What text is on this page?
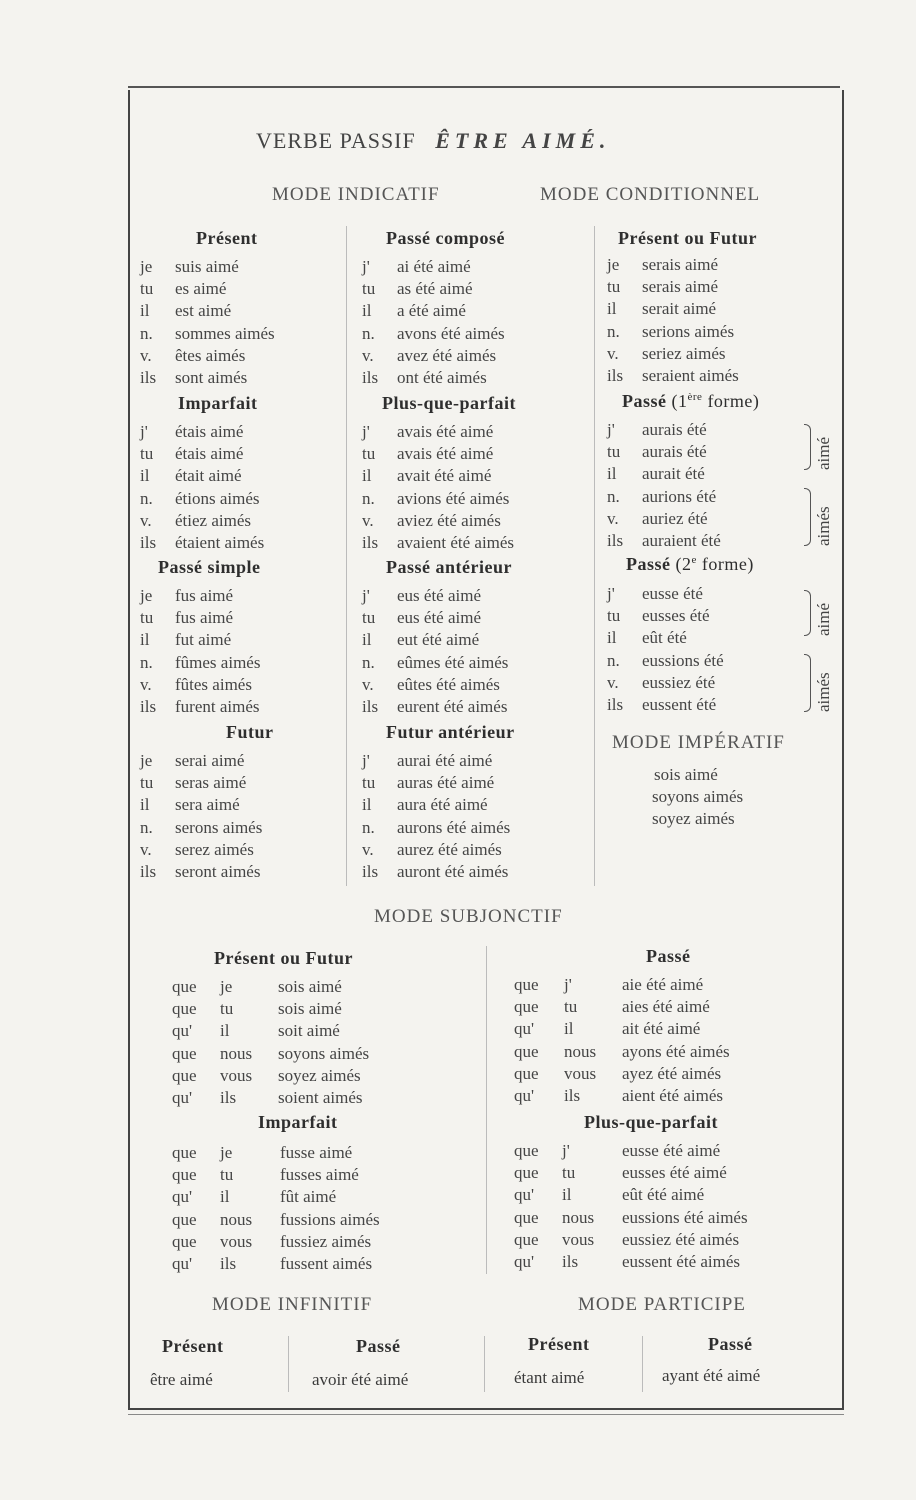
VERBE PASSIF ÊTRE AIMÉ.
MODE INDICATIF	MODE CONDITIONNEL
Présent
Imparfait
Passé simple
Futur
Passé composé
Plus-que-parfait
Passé antérieur
Futur antérieur
Présent ou Futur
Passé (1ère forme)
Passé (2e forme)
aimé
aimés
aimé
aimés
MODE IMPÉRATIF
sois aimé
soyons aimés
soyez aimés
MODE SUBJONCTIF
Présent ou Futur
Imparfait
Passé
Plus-que-parfait
MODE INFINITIF	MODE PARTICIPE
Présent	Passé	Présent	Passé
être aimé	avoir été aimé	étant aimé	ayant été aimé
je suis aimé
tu es aimé
il est aimé
n. sommes aimés
v. êtes aimés
ils sont aimés
j' étais aimé
tu étais aimé
il était aimé
n. étions aimés
v. étiez aimés
ils étaient aimés
je fus aimé
tu fus aimé
il fut aimé
n. fûmes aimés
v. fûtes aimés
ils furent aimés
je serai aimé
tu seras aimé
il sera aimé
n. serons aimés
v. serez aimés
ils seront aimés
j' ai été aimé
tu as été aimé
il a été aimé
n. avons été aimés
v. avez été aimés
ils ont été aimés
j' avais été aimé
tu avais été aimé
il avait été aimé
n. avions été aimés
v. aviez été aimés
ils avaient été aimés
j' eus été aimé
tu eus été aimé
il eut été aimé
n. eûmes été aimés
v. eûtes été aimés
ils eurent été aimés
j' aurai été aimé
tu auras été aimé
il aura été aimé
n. aurons été aimés
v. aurez été aimés
ils auront été aimés
je serais aimé
tu serais aimé
il serait aimé
n. serions aimés
v. seriez aimés
ils seraient aimés
j' aurais été
tu aurais été
il aurait été
n. aurions été
v. auriez été
ils auraient été
j' eusse été
tu eusses été
il eût été
n. eussions été
v. eussiez été
ils eussent été
que je	sois aimé
que tu	sois aimé
qu' il	soit aimé
que nous soyons aimés
que vous soyez aimés
qu' ils soient aimés
que je	fusse aimé
que tu	fusses aimé
qu' il	fût aimé
que nous fussions aimés
que vous fussiez aimés
qu' ils	fussent aimés
que j'	aie été aimé
que tu	aies été aimé
qu' il	ait été aimé
que nous ayons été aimés
que vous ayez été aimés
qu' ils aient été aimés
que j'	eusse été aimé
que tu	eusses été aimé
qu' il	eût été aimé
que nous eussions été aimés
que vous eussiez été aimés
qu' ils	eussent été aimés
